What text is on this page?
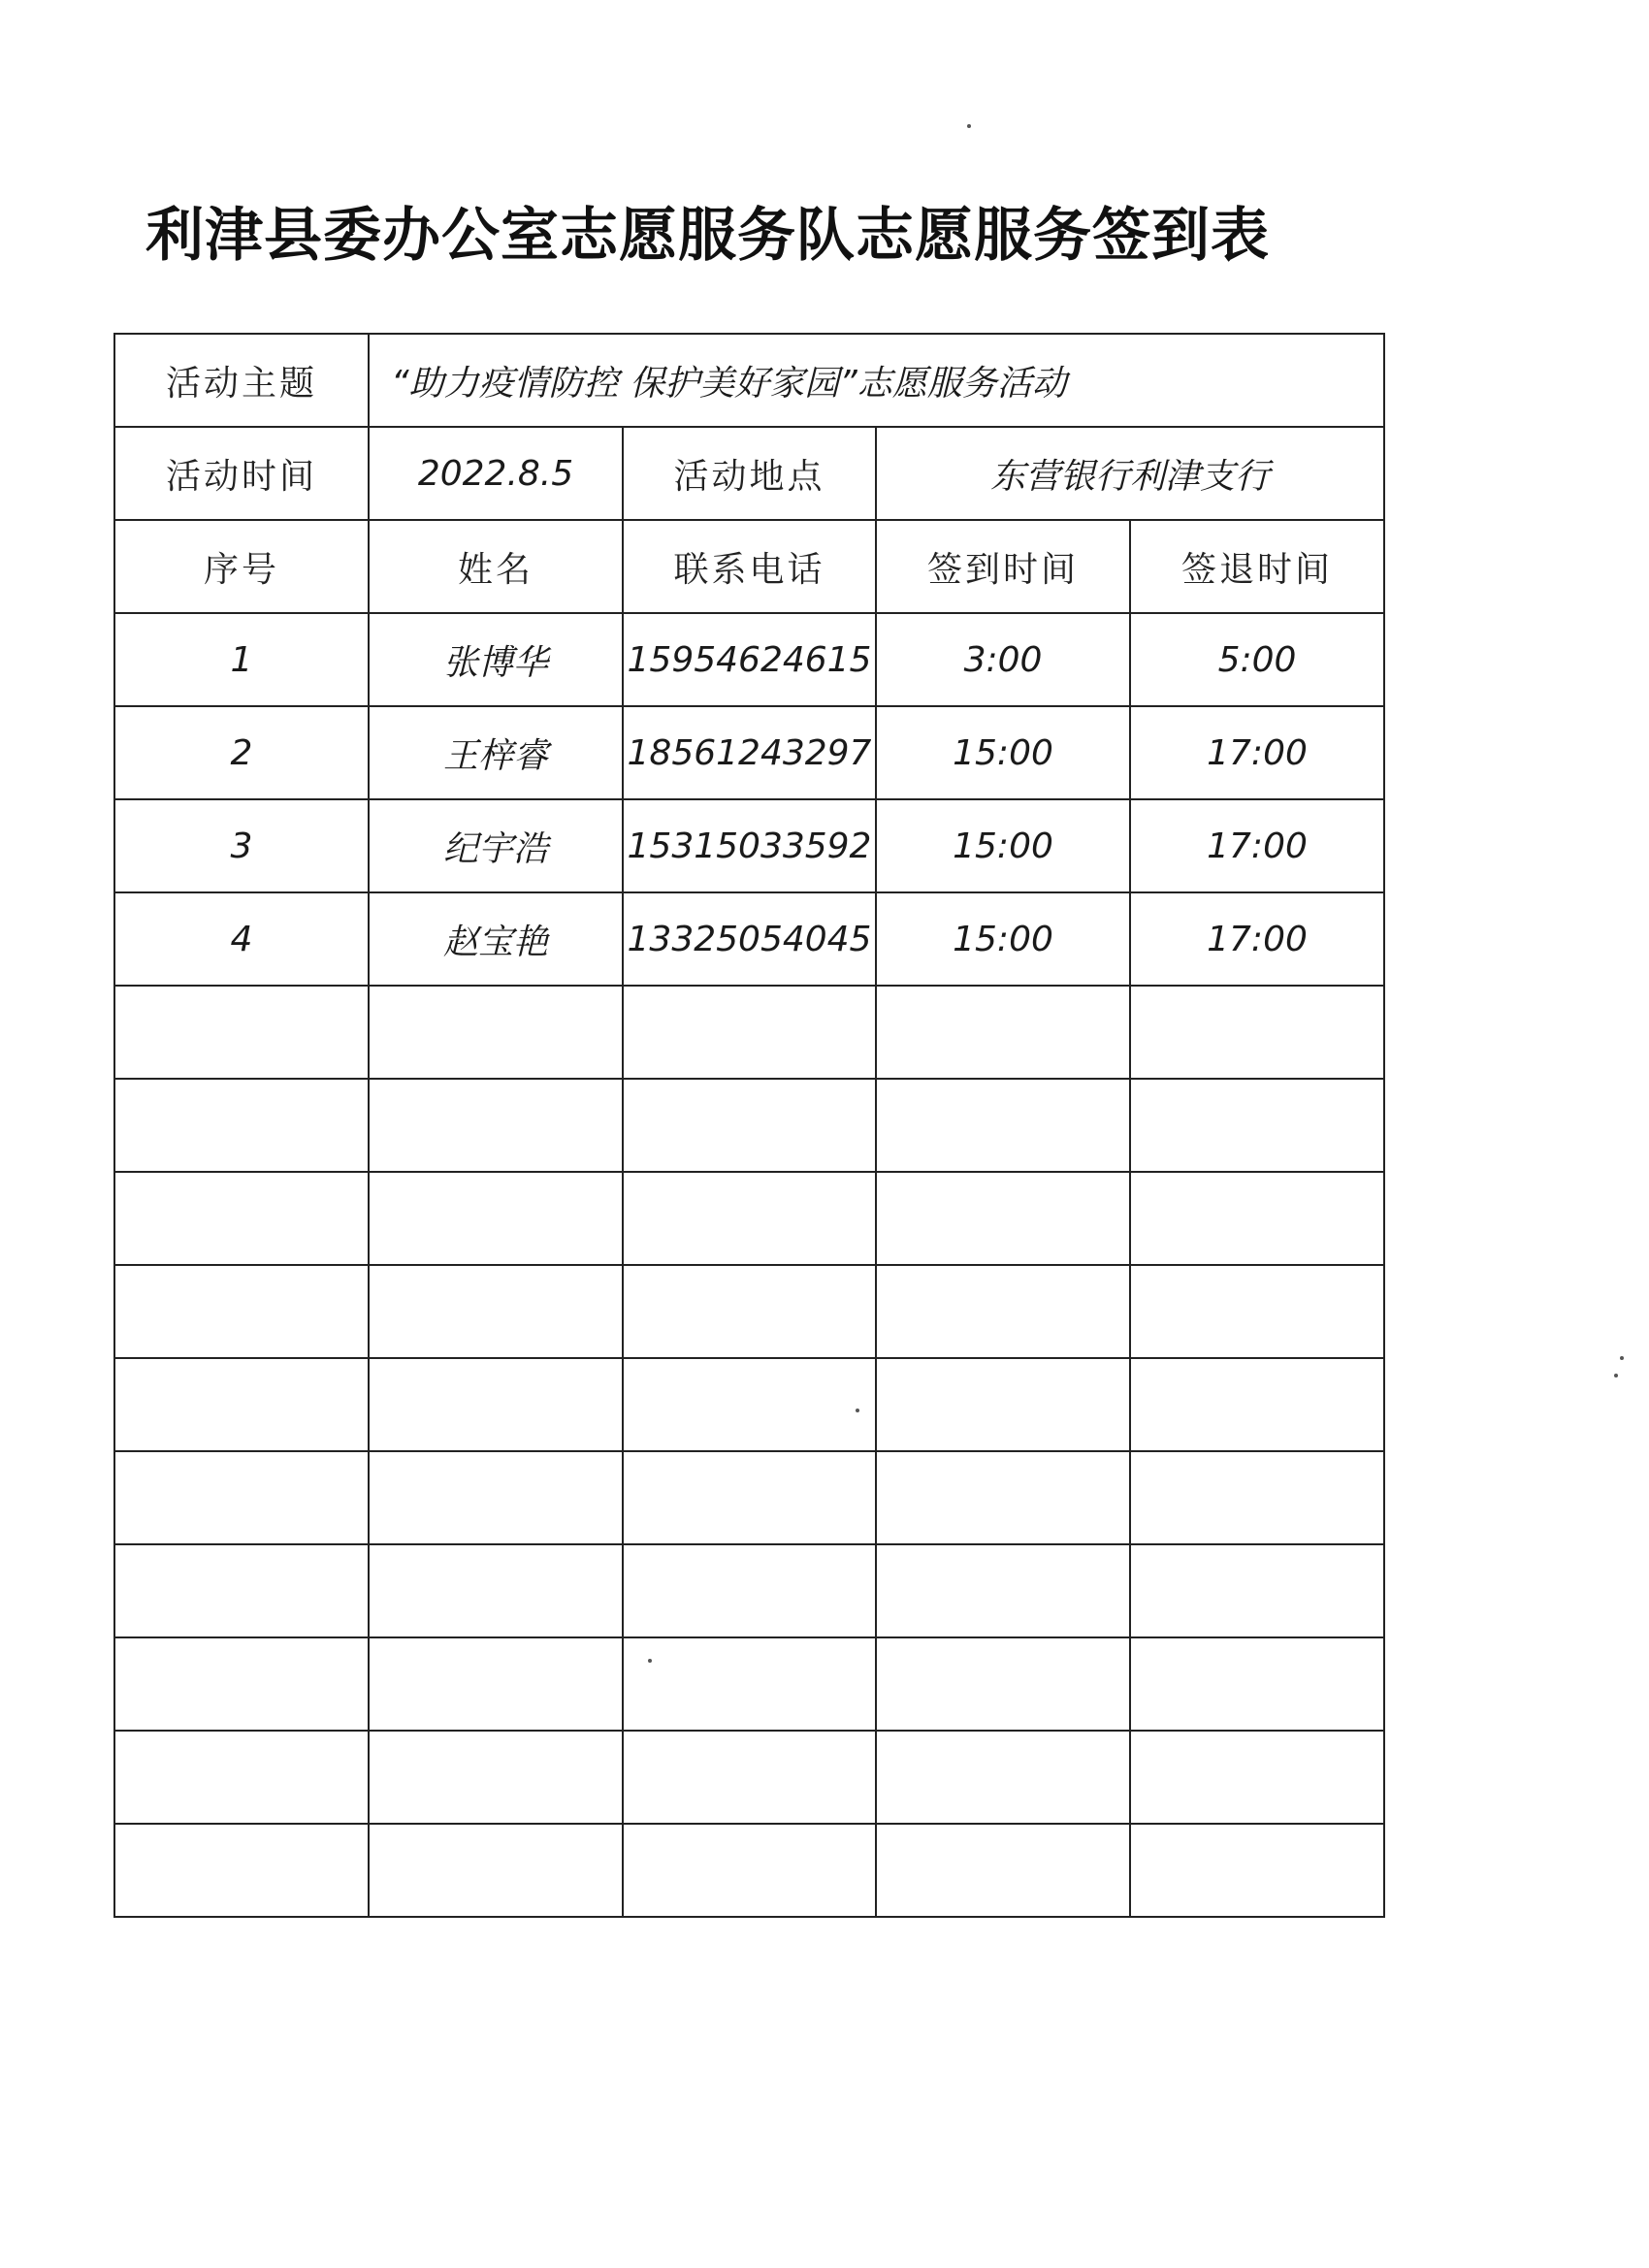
利津县委办公室志愿服务队志愿服务签到表
活动主题	“助力疫情防控 保护美好家园”志愿服务活动			
活动时间	2022.8.5	活动地点	东营银行利津支行	
序号	姓名	联系电话	签到时间	签退时间
1	张博华	15954624615	3:00	5:00
2	王梓睿	18561243297	15:00	17:00
3	纪宇浩	15315033592	15:00	17:00
4	赵宝艳	13325054045	15:00	17:00
